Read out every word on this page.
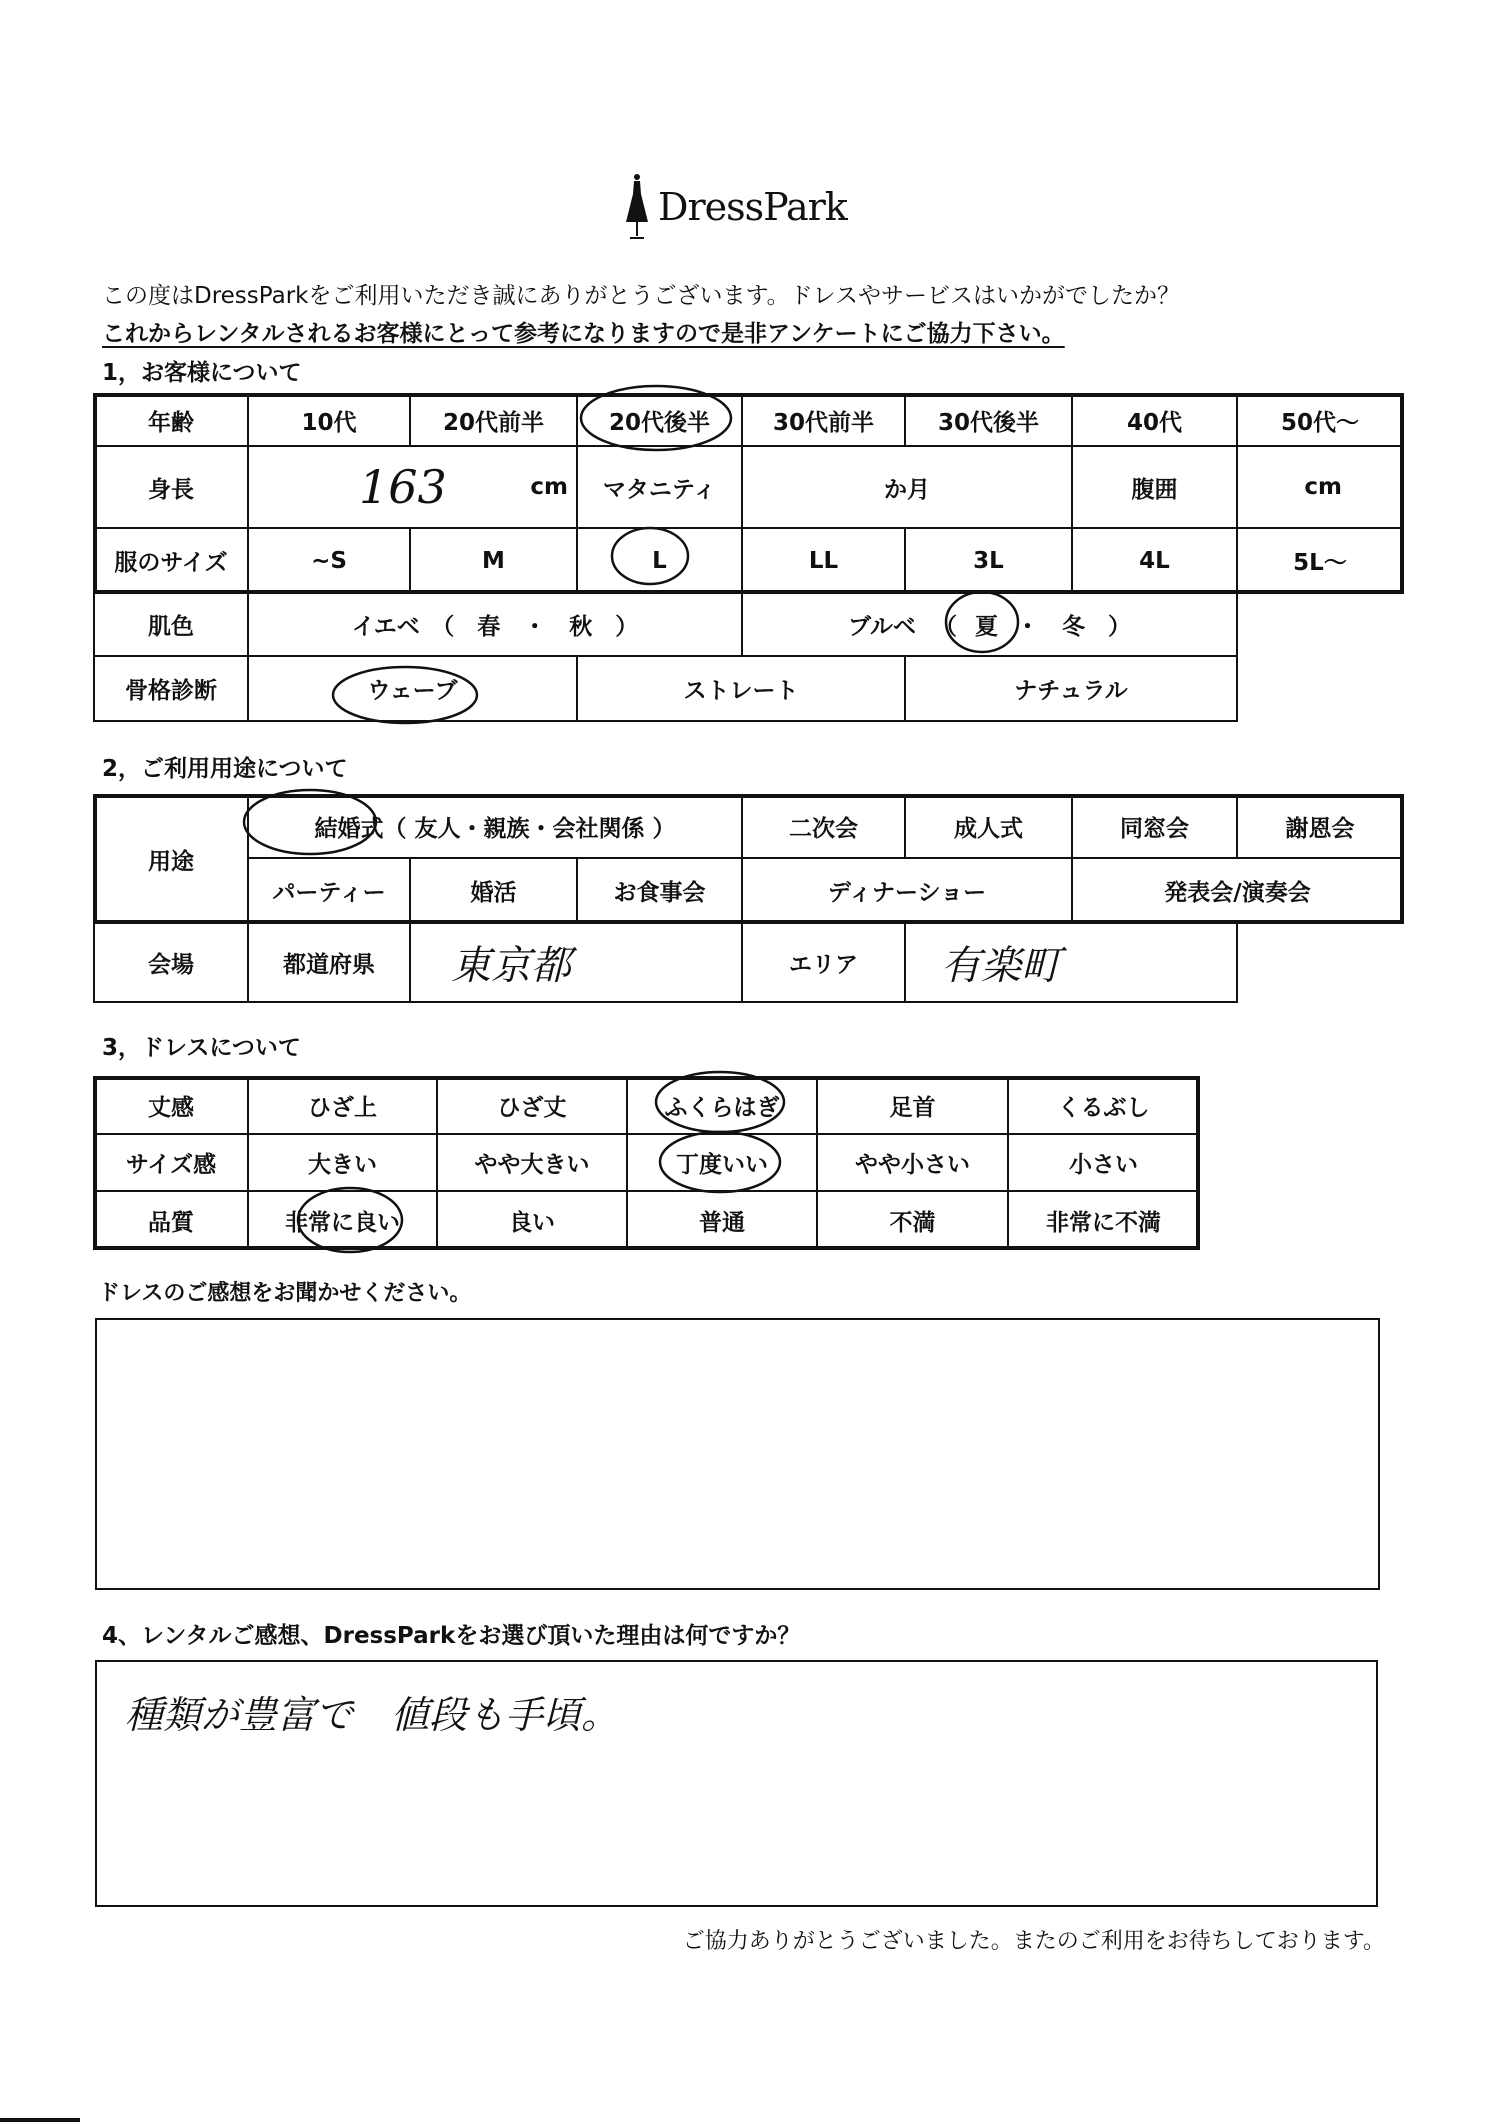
DressPark
この度はDressParkをご利用いただき誠にありがとうございます。ドレスやサービスはいかがでしたか？
これからレンタルされるお客様にとって参考になりますので是非アンケートにご協力下さい。
1，お客様について
2，ご利用用途について
3，ドレスについて
年齢	10代	20代前半	20代後半	30代前半	30代後半	40代	50代～
身長	163	cm	マタニティ	か月	腹囲	cm
服のサイズ	~S	M	L	LL	3L	4L	5L～
肌色	イエベ　（　春　・　秋　）	ブルベ （ 夏 ・　冬　）
骨格診断	ウェーブ	ストレート	ナチュラル
用途
結婚式（ 友人・親族・会社関係 ）	二次会	成人式	同窓会	謝恩会
パーティー	婚活	お食事会	ディナーショー	発表会/演奏会
会場	都道府県	東京都	エリア	有楽町
丈感	ひざ上	ひざ丈	ふくらはぎ	足首	くるぶし
サイズ感	大きい	やや大きい	丁度いい	やや小さい	小さい
品質	非常に良い	良い	普通	不満	非常に不満
ドレスのご感想をお聞かせください。
4、レンタルご感想、DressParkをお選び頂いた理由は何ですか？
種類が豊富で　値段も手頃。
ご協力ありがとうございました。またのご利用をお待ちしております。
